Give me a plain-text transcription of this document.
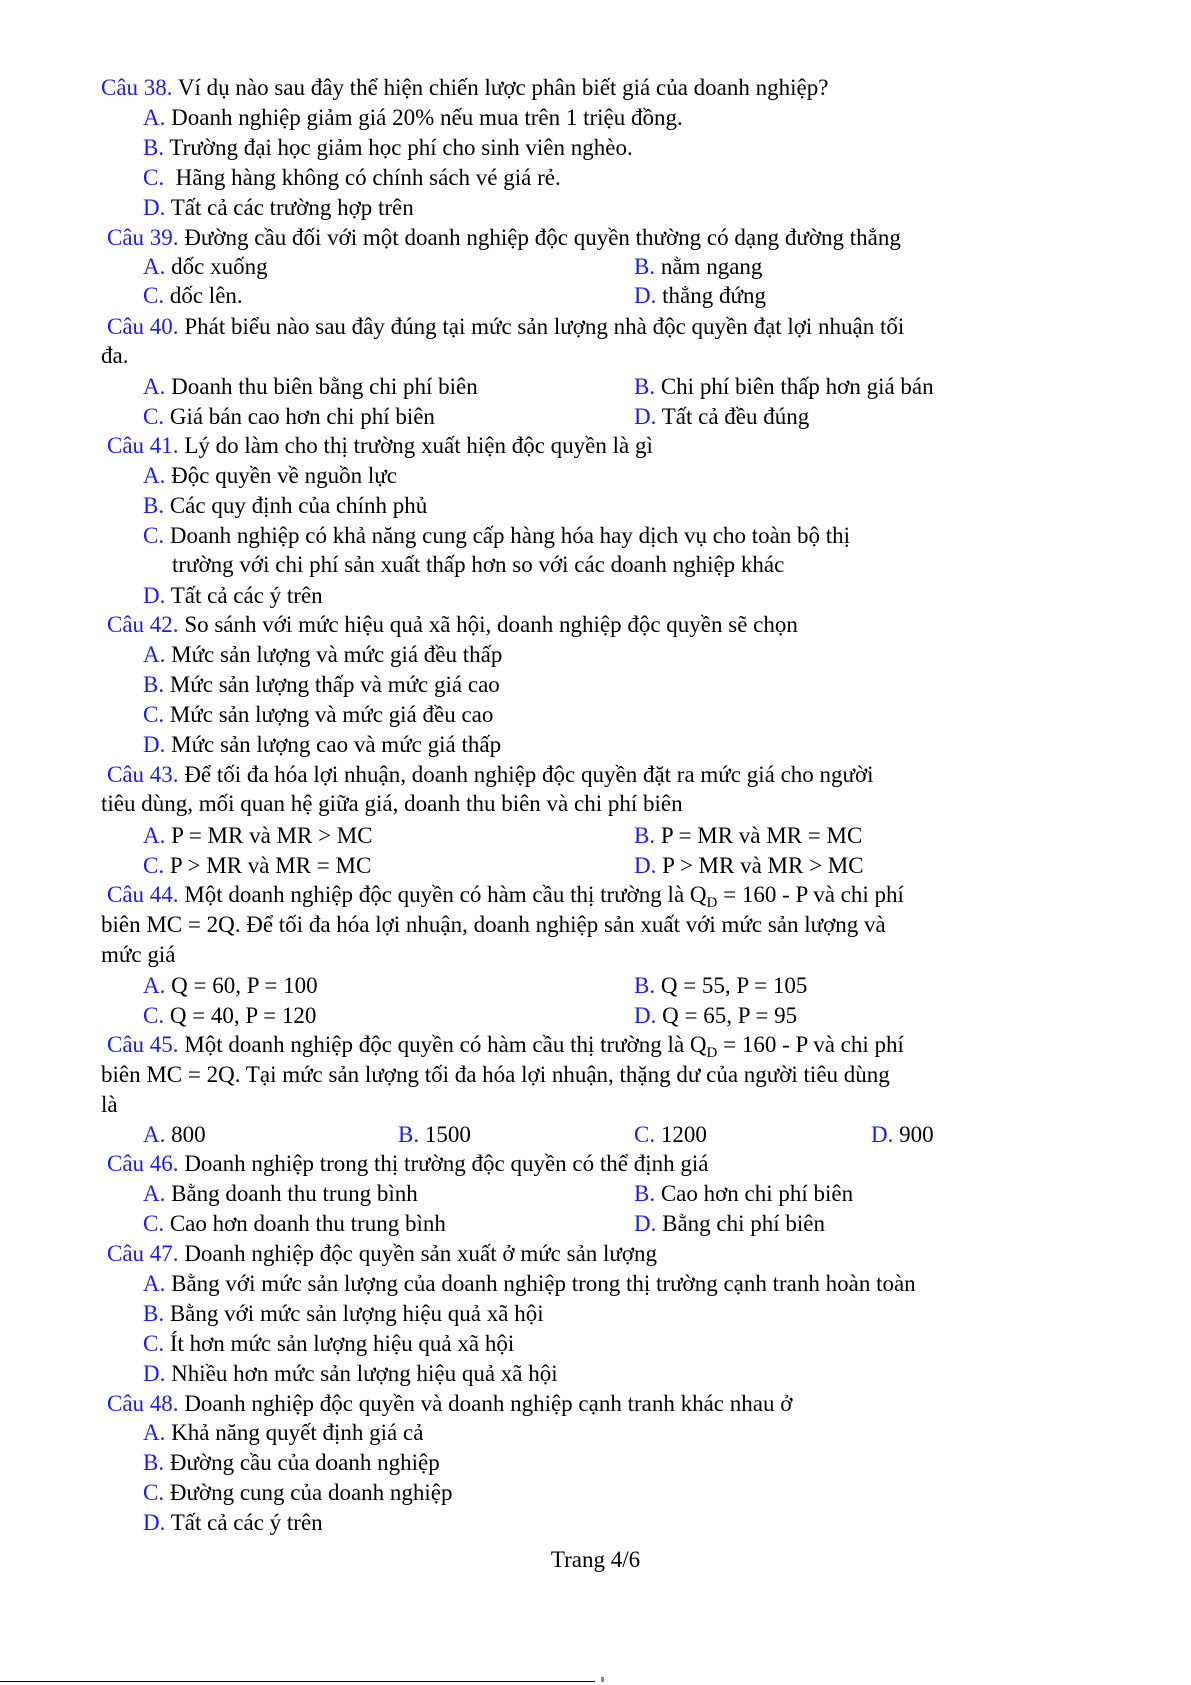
Câu 38. Ví dụ nào sau đây thể hiện chiến lược phân biết giá của doanh nghiệp?
A. Doanh nghiệp giảm giá 20% nếu mua trên 1 triệu đồng.
B. Trường đại học giảm học phí cho sinh viên nghèo.
C.  Hãng hàng không có chính sách vé giá rẻ.
D. Tất cả các trường hợp trên
Câu 39. Đường cầu đối với một doanh nghiệp độc quyền thường có dạng đường thẳng
A. dốc xuống	B. nằm ngang
C. dốc lên.	D. thẳng đứng
Câu 40. Phát biểu nào sau đây đúng tại mức sản lượng nhà độc quyền đạt lợi nhuận tối
đa.
A. Doanh thu biên bằng chi phí biên	B. Chi phí biên thấp hơn giá bán
C. Giá bán cao hơn chi phí biên	D. Tất cả đều đúng
Câu 41. Lý do làm cho thị trường xuất hiện độc quyền là gì
A. Độc quyền về nguồn lực
B. Các quy định của chính phủ
C. Doanh nghiệp có khả năng cung cấp hàng hóa hay dịch vụ cho toàn bộ thị
trường với chi phí sản xuất thấp hơn so với các doanh nghiệp khác
D. Tất cả các ý trên
Câu 42. So sánh với mức hiệu quả xã hội, doanh nghiệp độc quyền sẽ chọn
A. Mức sản lượng và mức giá đều thấp
B. Mức sản lượng thấp và mức giá cao
C. Mức sản lượng và mức giá đều cao
D. Mức sản lượng cao và mức giá thấp
Câu 43. Để tối đa hóa lợi nhuận, doanh nghiệp độc quyền đặt ra mức giá cho người
tiêu dùng, mối quan hệ giữa giá, doanh thu biên và chi phí biên
A. P = MR và MR > MC	B. P = MR và MR = MC
C. P > MR và MR = MC	D. P > MR và MR > MC
Câu 44. Một doanh nghiệp độc quyền có hàm cầu thị trường là $Q_D = 160 - P$ và chi phí
biên MC = 2Q. Để tối đa hóa lợi nhuận, doanh nghiệp sản xuất với mức sản lượng và
mức giá
A. Q = 60, P = 100	B. Q = 55, P = 105
C. Q = 40, P = 120	D. Q = 65, P = 95
Câu 45. Một doanh nghiệp độc quyền có hàm cầu thị trường là $Q_D = 160 - P$ và chi phí
biên MC = 2Q. Tại mức sản lượng tối đa hóa lợi nhuận, thặng dư của người tiêu dùng
là
A. 800	B. 1500	C. 1200	D. 900
Câu 46. Doanh nghiệp trong thị trường độc quyền có thể định giá
A. Bằng doanh thu trung bình	B. Cao hơn chi phí biên
C. Cao hơn doanh thu trung bình	D. Bằng chi phí biên
Câu 47. Doanh nghiệp độc quyền sản xuất ở mức sản lượng
A. Bằng với mức sản lượng của doanh nghiệp trong thị trường cạnh tranh hoàn toàn
B. Bằng với mức sản lượng hiệu quả xã hội
C. Ít hơn mức sản lượng hiệu quả xã hội
D. Nhiều hơn mức sản lượng hiệu quả xã hội
Câu 48. Doanh nghiệp độc quyền và doanh nghiệp cạnh tranh khác nhau ở
A. Khả năng quyết định giá cả
B. Đường cầu của doanh nghiệp
C. Đường cung của doanh nghiệp
D. Tất cả các ý trên
Trang 4/6
